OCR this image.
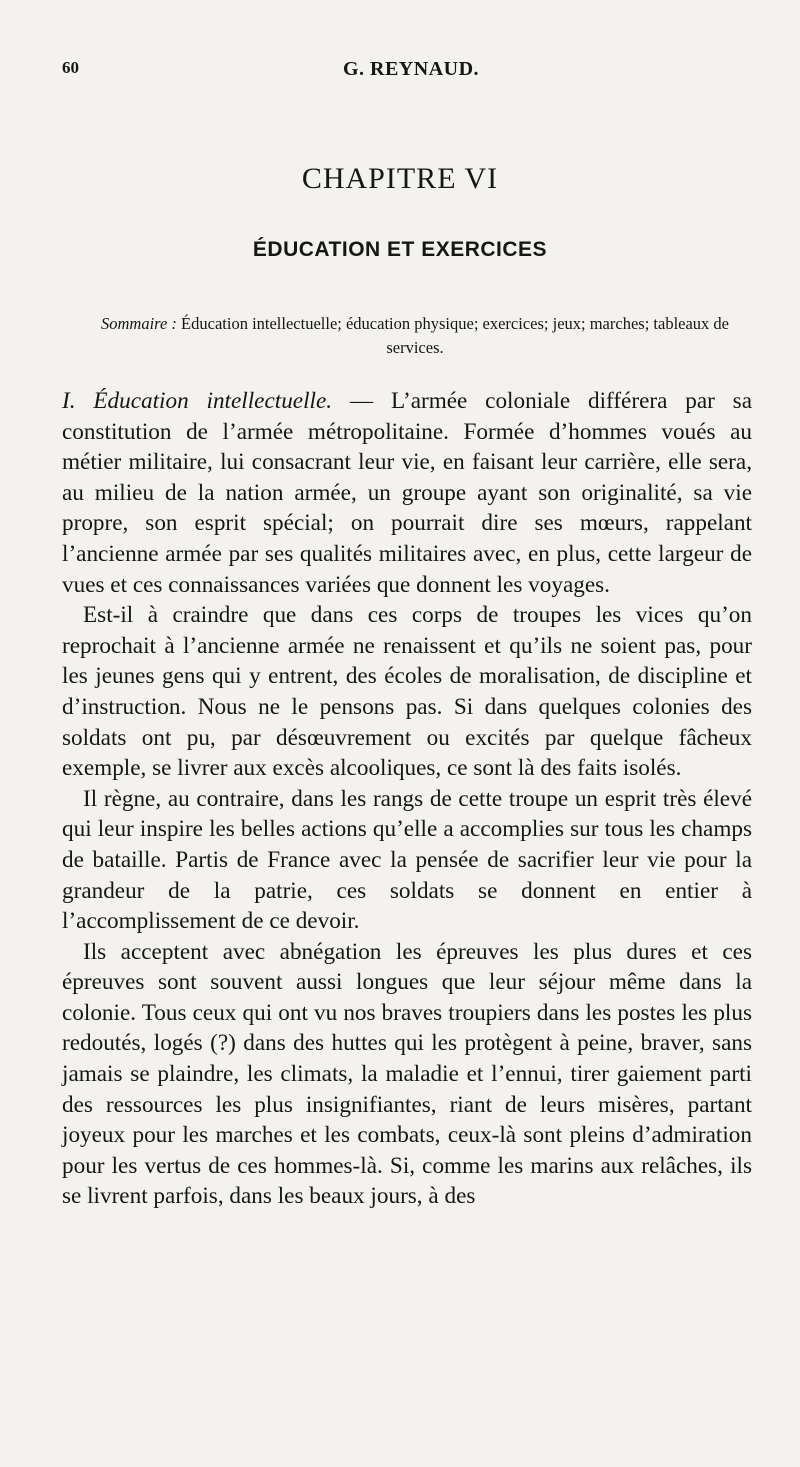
60	G. REYNAUD.
CHAPITRE VI
ÉDUCATION ET EXERCICES
Sommaire : Éducation intellectuelle; éducation physique; exercices; jeux; marches; tableaux de services.

I. Éducation intellectuelle. — L’armée coloniale différera par sa constitution de l’armée métropolitaine. Formée d’hommes voués au métier militaire, lui consacrant leur vie, en faisant leur carrière, elle sera, au milieu de la nation armée, un groupe ayant son originalité, sa vie propre, son esprit spécial; on pourrait dire ses mœurs, rappelant l’ancienne armée par ses qualités militaires avec, en plus, cette largeur de vues et ces connaissances variées que donnent les voyages.

Est-il à craindre que dans ces corps de troupes les vices qu’on reprochait à l’ancienne armée ne renaissent et qu’ils ne soient pas, pour les jeunes gens qui y entrent, des écoles de moralisation, de discipline et d’instruction. Nous ne le pensons pas. Si dans quelques colonies des soldats ont pu, par désœuvrement ou excités par quelque fâcheux exemple, se livrer aux excès alcooliques, ce sont là des faits isolés.

Il règne, au contraire, dans les rangs de cette troupe un esprit très élevé qui leur inspire les belles actions qu’elle a accomplies sur tous les champs de bataille. Partis de France avec la pensée de sacrifier leur vie pour la grandeur de la patrie, ces soldats se donnent en entier à l’accomplissement de ce devoir.

Ils acceptent avec abnégation les épreuves les plus dures et ces épreuves sont souvent aussi longues que leur séjour même dans la colonie. Tous ceux qui ont vu nos braves troupiers dans les postes les plus redoutés, logés (?) dans des huttes qui les protègent à peine, braver, sans jamais se plaindre, les climats, la maladie et l’ennui, tirer gaiement parti des ressources les plus insignifiantes, riant de leurs misères, partant joyeux pour les marches et les combats, ceux-là sont pleins d’admiration pour les vertus de ces hommes-là. Si, comme les marins aux relâches, ils se livrent parfois, dans les beaux jours, à des
